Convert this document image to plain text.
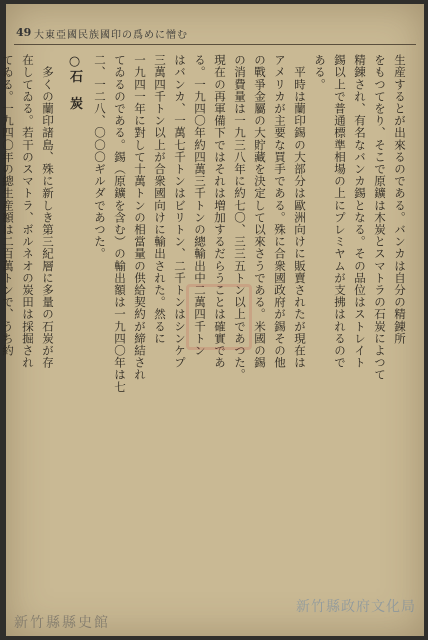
49 大東亞國民族國印の爲めに憎む

生産するとが出來るのである。バンカは自分の精錬所

をもつてをり、そこで原鑛は木炭とスマトラの石炭によつて

精錬され、有名なバンカ錫となる。その品位はストレイト

錫以上で普通標準相場の上にプレミヤムが支拂はれるので

ある。

　平時は蘭印錫の大部分は歐洲向けに販賣されたが現在は

アメリカが主要な買手である。殊に合衆國政府が錫その他

の戰爭金屬の大貯藏を決定して以來さうである。米國の錫

の消費量は一九三八年に約七〇、三三五トン以上であつた。

現在の再軍備下ではそれは増加するだらうことは確實であ

る。一九四〇年約四萬三千トンの總輸出中二萬四千トン

はバンカ、一萬七千トンはビリトン、二千トンはシンケプ

三萬四千トン以上が合衆國向けに輸出された。然るに

一九四一年に對して十萬トンの相當量の供給契約が締結され

てゐるのである。錫（原鑛を含む）の輸出額は一九四〇年は七

二、一二八、〇〇〇ギルダであつた。

○石　炭

　多くの蘭印諸島、殊に新しき第三紀層に多量の石炭が存

在してゐる。若干のスマトラ、ボルネオの炭田は採掘され

てゐる。一九四〇年の總生産額は二百萬トンで、うち約

新竹縣政府文化局
新竹縣縣史館
